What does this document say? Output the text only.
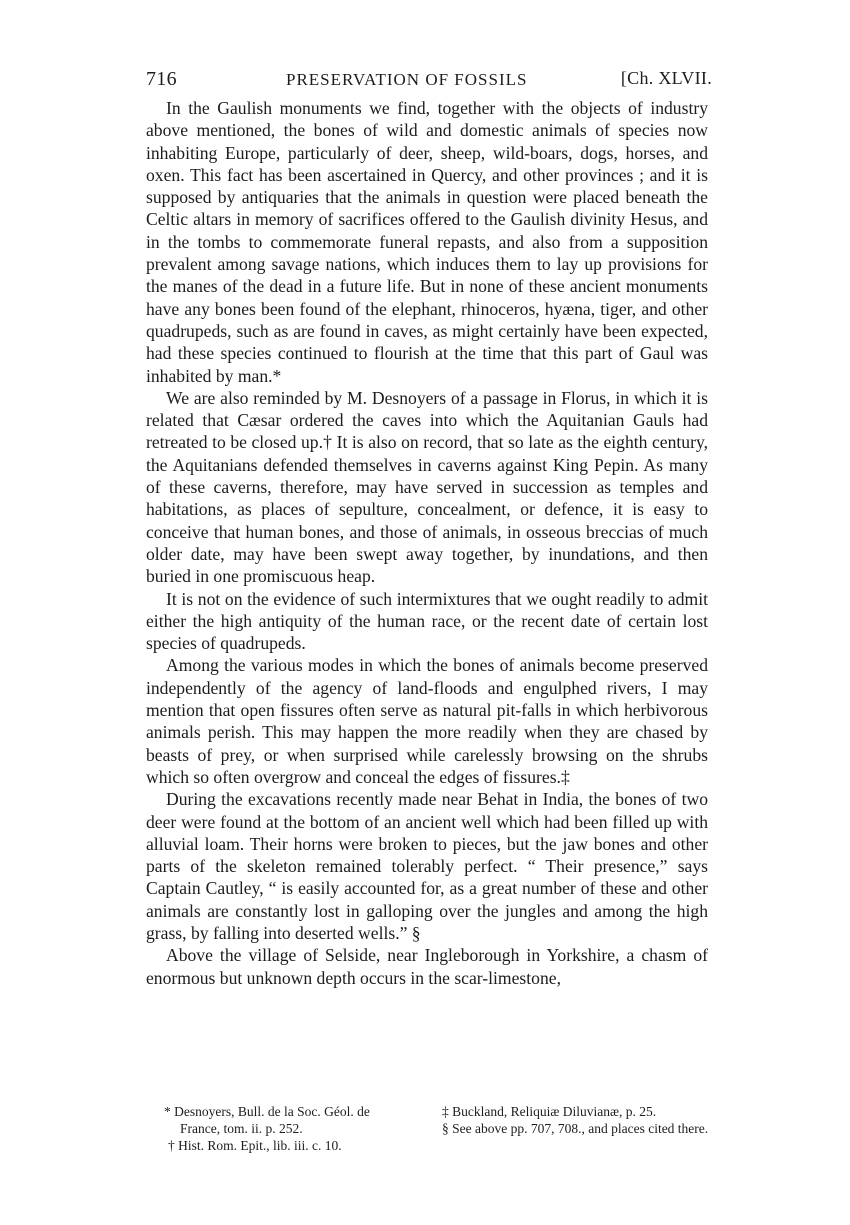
716	PRESERVATION OF FOSSILS	[Ch. XLVII.

In the Gaulish monuments we find, together with the objects of industry above mentioned, the bones of wild and domestic animals of species now inhabiting Europe, particularly of deer, sheep, wild-boars, dogs, horses, and oxen. This fact has been ascertained in Quercy, and other provinces ; and it is supposed by antiquaries that the animals in question were placed beneath the Celtic altars in memory of sacrifices offered to the Gaulish divinity Hesus, and in the tombs to commemorate funeral repasts, and also from a supposition prevalent among savage nations, which induces them to lay up provisions for the manes of the dead in a future life. But in none of these ancient monuments have any bones been found of the elephant, rhinoceros, hyæna, tiger, and other quadrupeds, such as are found in caves, as might certainly have been expected, had these species continued to flourish at the time that this part of Gaul was inhabited by man.*

We are also reminded by M. Desnoyers of a passage in Florus, in which it is related that Cæsar ordered the caves into which the Aquitanian Gauls had retreated to be closed up.† It is also on record, that so late as the eighth century, the Aquitanians defended themselves in caverns against King Pepin. As many of these caverns, therefore, may have served in succession as temples and habitations, as places of sepulture, concealment, or defence, it is easy to conceive that human bones, and those of animals, in osseous breccias of much older date, may have been swept away together, by inundations, and then buried in one promiscuous heap.

It is not on the evidence of such intermixtures that we ought readily to admit either the high antiquity of the human race, or the recent date of certain lost species of quadrupeds.

Among the various modes in which the bones of animals become preserved independently of the agency of land-floods and engulphed rivers, I may mention that open fissures often serve as natural pit-falls in which herbivorous animals perish. This may happen the more readily when they are chased by beasts of prey, or when surprised while carelessly browsing on the shrubs which so often overgrow and conceal the edges of fissures.‡

During the excavations recently made near Behat in India, the bones of two deer were found at the bottom of an ancient well which had been filled up with alluvial loam. Their horns were broken to pieces, but the jaw bones and other parts of the skeleton remained tolerably perfect. “ Their presence,” says Captain Cautley, “ is easily accounted for, as a great number of these and other animals are constantly lost in galloping over the jungles and among the high grass, by falling into deserted wells.” §

Above the village of Selside, near Ingleborough in Yorkshire, a chasm of enormous but unknown depth occurs in the scar-limestone,

* Desnoyers, Bull. de la Soc. Géol. de France, tom. ii. p. 252.

† Hist. Rom. Epit., lib. iii. c. 10.

‡ Buckland, Reliquiæ Diluvianæ, p. 25.

§ See above pp. 707, 708., and places cited there.
